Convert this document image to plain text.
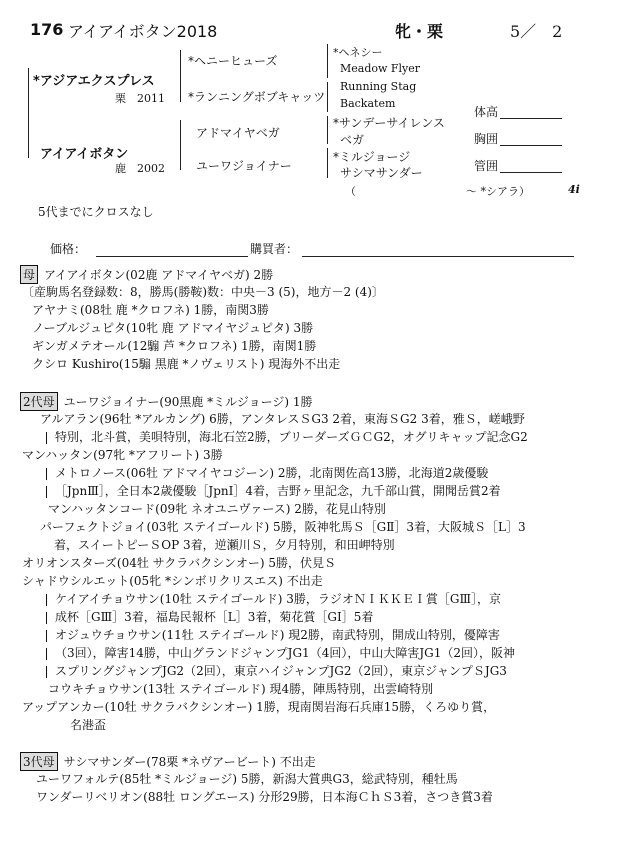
176 アイアイボタン2018	牝・栗	5／　2
*アジアエクスプレス
栗　2011
アイアイボタン
鹿　2002
*ヘニーヒューズ
*ランニングボブキャッツ
アドマイヤベガ
ユーワジョイナー
*ヘネシー
Meadow Flyer
Running Stag
Backatem
*サンデーサイレンス
ベガ
*ミルジョージ
サシマサンダー
（　　　　　　　　　　〜 *シアラ）	4i
体高
胸囲
管囲
5代までにクロスなし
価格：	購買者：
母 アイアイボタン(02鹿 アドマイヤベガ) 2勝
〔産駒馬名登録数：8，勝馬(勝鞍)数：中央－3 (5)，地方－2 (4)〕
アヤナミ(08牡 鹿 *クロフネ) 1勝，南関3勝
ノーブルジュピタ(10牝 鹿 アドマイヤジュピタ) 3勝
ギンガメテオール(12騸 芦 *クロフネ) 1勝，南関1勝
クシロ Kushiro(15騸 黒鹿 *ノヴェリスト) 現海外不出走
2代母 ユーワジョイナー(90黒鹿 *ミルジョージ) 1勝
アルアラン(96牡 *アルカング) 6勝，アンタレスＳG3 2着，東海ＳG2 3着，雅Ｓ，嵯峨野
特別，北斗賞，美唄特別，海北石笠2勝，ブリーダーズＧＣG2，オグリキャップ記念G2
マンハッタン(97牝 *アフリート) 3勝
メトロノース(06牡 アドマイヤコジーン) 2勝，北南関佐高13勝，北海道2歳優駿
［JpnⅢ］，全日本2歳優駿［JpnⅠ］4着，吉野ヶ里記念，九千部山賞，開聞岳賞2着
マンハッタンコード(09牝 ネオユニヴァース) 2勝，花見山特別
パーフェクトジョイ(03牝 ステイゴールド) 5勝，阪神牝馬Ｓ［GⅡ］3着，大阪城Ｓ［L］3
着，スイートピーＳOP 3着，逆瀬川Ｓ，夕月特別，和田岬特別
オリオンスターズ(04牡 サクラバクシンオー) 5勝，伏見Ｓ
シャドウシルエット(05牝 *シンボリクリスエス) 不出走
ケイアイチョウサン(10牡 ステイゴールド) 3勝，ラジオＮＩＫＫＥＩ賞［GⅢ］，京
成杯［GⅢ］3着，福島民報杯［L］3着，菊花賞［GⅠ］5着
オジュウチョウサン(11牡 ステイゴールド) 現2勝，南武特別，開成山特別，優障害
（3回），障害14勝，中山グランドジャンプJG1（4回），中山大障害JG1（2回），阪神
スプリングジャンプJG2（2回），東京ハイジャンプJG2（2回），東京ジャンプＳJG3
コウキチョウサン(13牡 ステイゴールド) 現4勝，陣馬特別，出雲崎特別
アップアンカー(10牡 サクラバクシンオー) 1勝，現南関岩海石兵庫15勝，くろゆり賞，
名港盃
3代母 サシマサンダー(78栗 *ネヴアービート) 不出走
ユーワフォルテ(85牡 *ミルジョージ) 5勝，新潟大賞典G3，総武特別，種牡馬
ワンダーリベリオン(88牡 ロングエース) 分形29勝，日本海ＣｈＳ3着，さつき賞3着
